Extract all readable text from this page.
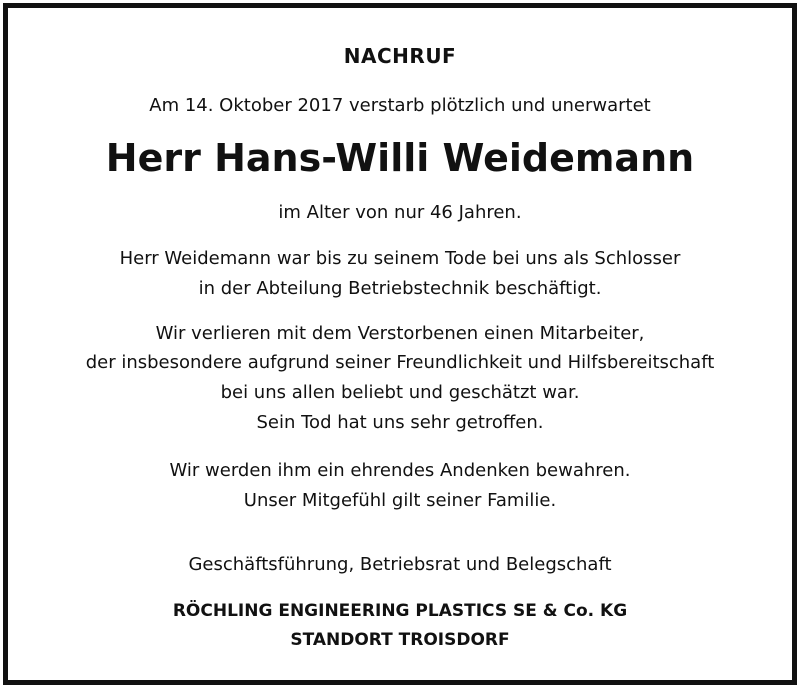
NACHRUF
Am 14. Oktober 2017 verstarb plötzlich und unerwartet
Herr Hans-Willi Weidemann
im Alter von nur 46 Jahren.
Herr Weidemann war bis zu seinem Tode bei uns als Schlosser
in der Abteilung Betriebstechnik beschäftigt.
Wir verlieren mit dem Verstorbenen einen Mitarbeiter,
der insbesondere aufgrund seiner Freundlichkeit und Hilfsbereitschaft
bei uns allen beliebt und geschätzt war.
Sein Tod hat uns sehr getroffen.
Wir werden ihm ein ehrendes Andenken bewahren.
Unser Mitgefühl gilt seiner Familie.
Geschäftsführung, Betriebsrat und Belegschaft
RÖCHLING ENGINEERING PLASTICS SE & Co. KG
STANDORT TROISDORF
